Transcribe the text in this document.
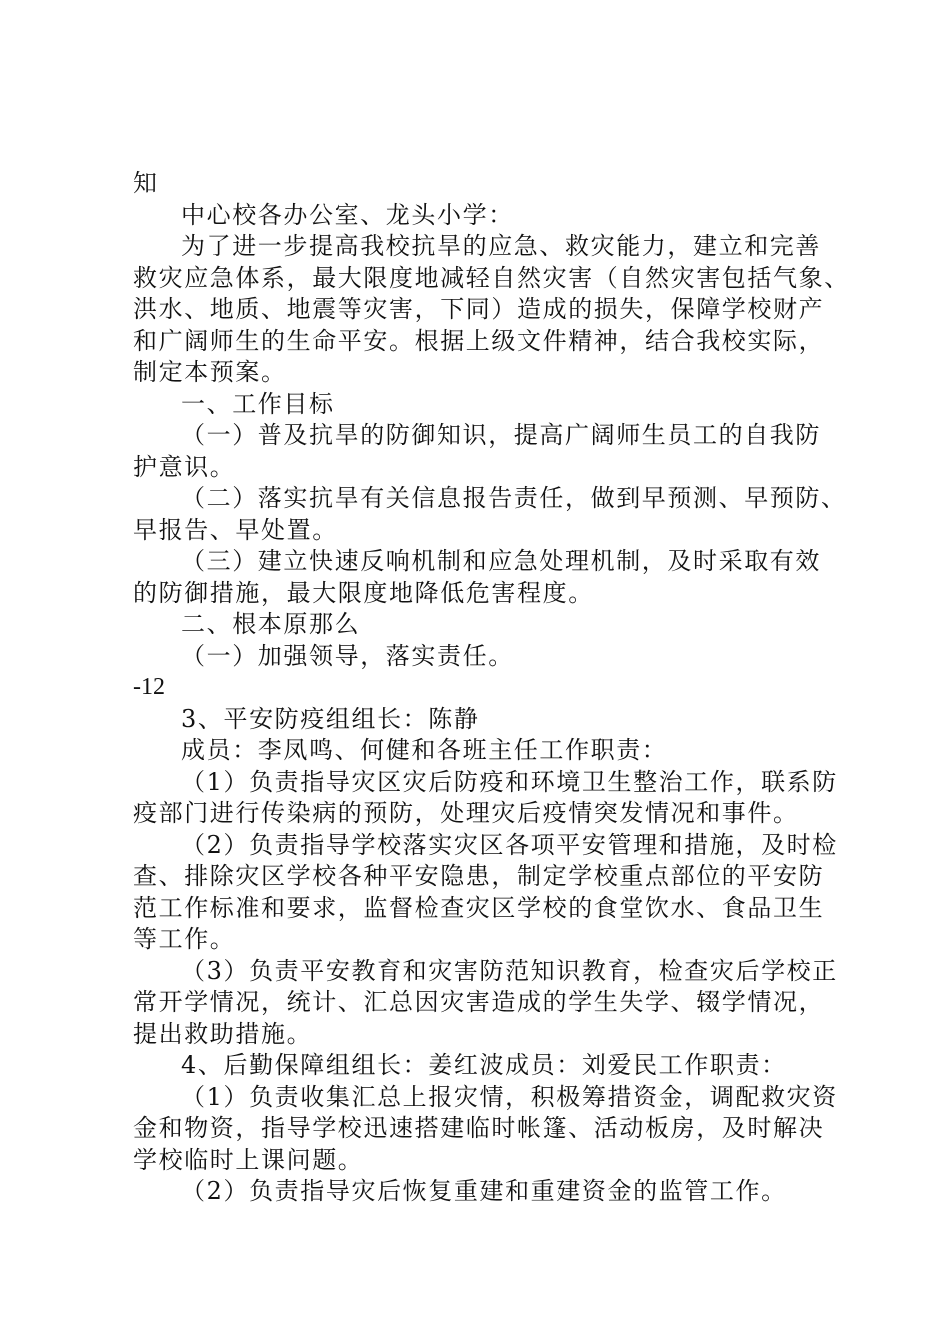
知
中心校各办公室、龙头小学：
为了进一步提高我校抗旱的应急、救灾能力，建立和完善
救灾应急体系，最大限度地减轻自然灾害（自然灾害包括气象、
洪水、地质、地震等灾害，下同）造成的损失，保障学校财产
和广阔师生的生命平安。根据上级文件精神，结合我校实际，
制定本预案。
一、工作目标
（一）普及抗旱的防御知识，提高广阔师生员工的自我防
护意识。
（二）落实抗旱有关信息报告责任，做到早预测、早预防、
早报告、早处置。
（三）建立快速反响机制和应急处理机制，及时采取有效
的防御措施，最大限度地降低危害程度。
二、根本原那么
（一）加强领导，落实责任。
-12
3、平安防疫组组长：陈静
成员：李凤鸣、何健和各班主任工作职责：
（1）负责指导灾区灾后防疫和环境卫生整治工作，联系防
疫部门进行传染病的预防，处理灾后疫情突发情况和事件。
（2）负责指导学校落实灾区各项平安管理和措施，及时检
查、排除灾区学校各种平安隐患，制定学校重点部位的平安防
范工作标准和要求，监督检查灾区学校的食堂饮水、食品卫生
等工作。
（3）负责平安教育和灾害防范知识教育，检查灾后学校正
常开学情况，统计、汇总因灾害造成的学生失学、辍学情况，
提出救助措施。
4、后勤保障组组长：姜红波成员：刘爱民工作职责：
（1）负责收集汇总上报灾情，积极筹措资金，调配救灾资
金和物资，指导学校迅速搭建临时帐篷、活动板房，及时解决
学校临时上课问题。
（2）负责指导灾后恢复重建和重建资金的监管工作。
